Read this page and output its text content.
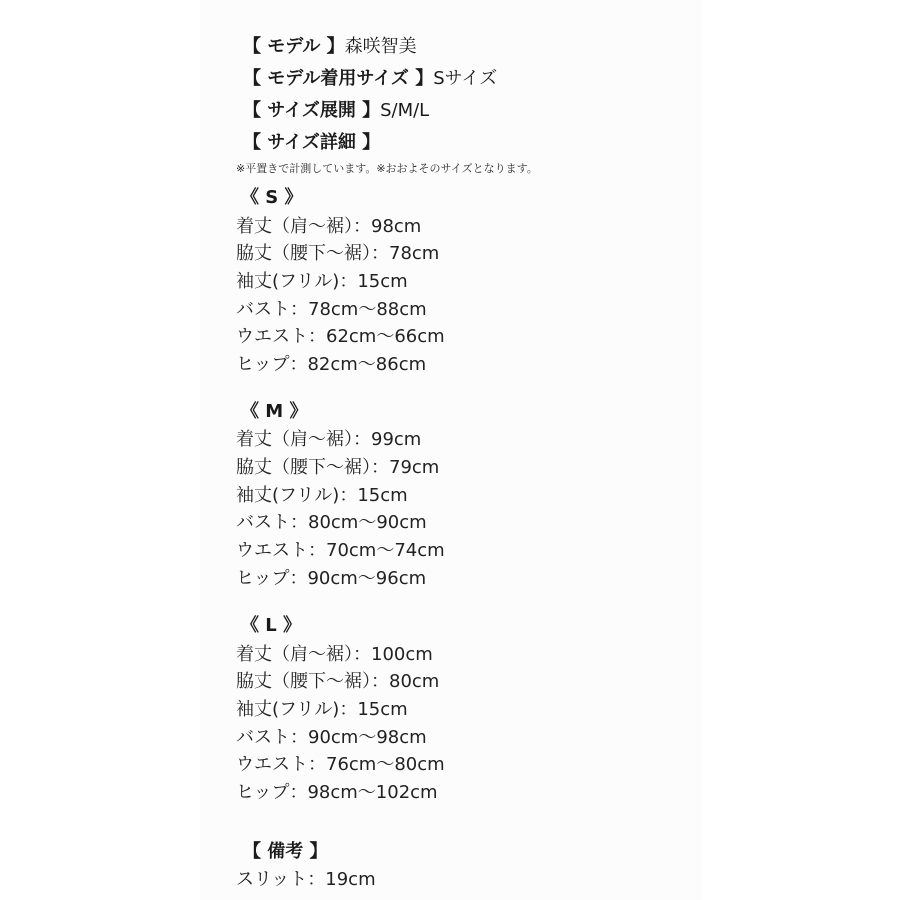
【 モデル 】森咲智美
【 モデル着用サイズ 】Sサイズ
【 サイズ展開 】S/M/L
【 サイズ詳細 】
※平置きで計測しています。※おおよそのサイズとなります。
《 S 》
着丈（肩〜裾）：98cm
脇丈（腰下〜裾）：78cm
袖丈(フリル)：15cm
バスト：78cm〜88cm
ウエスト：62cm〜66cm
ヒップ：82cm〜86cm
《 M 》
着丈（肩〜裾）：99cm
脇丈（腰下〜裾）：79cm
袖丈(フリル)：15cm
バスト：80cm〜90cm
ウエスト：70cm〜74cm
ヒップ：90cm〜96cm
《 L 》
着丈（肩〜裾）：100cm
脇丈（腰下〜裾）：80cm
袖丈(フリル)：15cm
バスト：90cm〜98cm
ウエスト：76cm〜80cm
ヒップ：98cm〜102cm
【 備考 】
スリット：19cm
